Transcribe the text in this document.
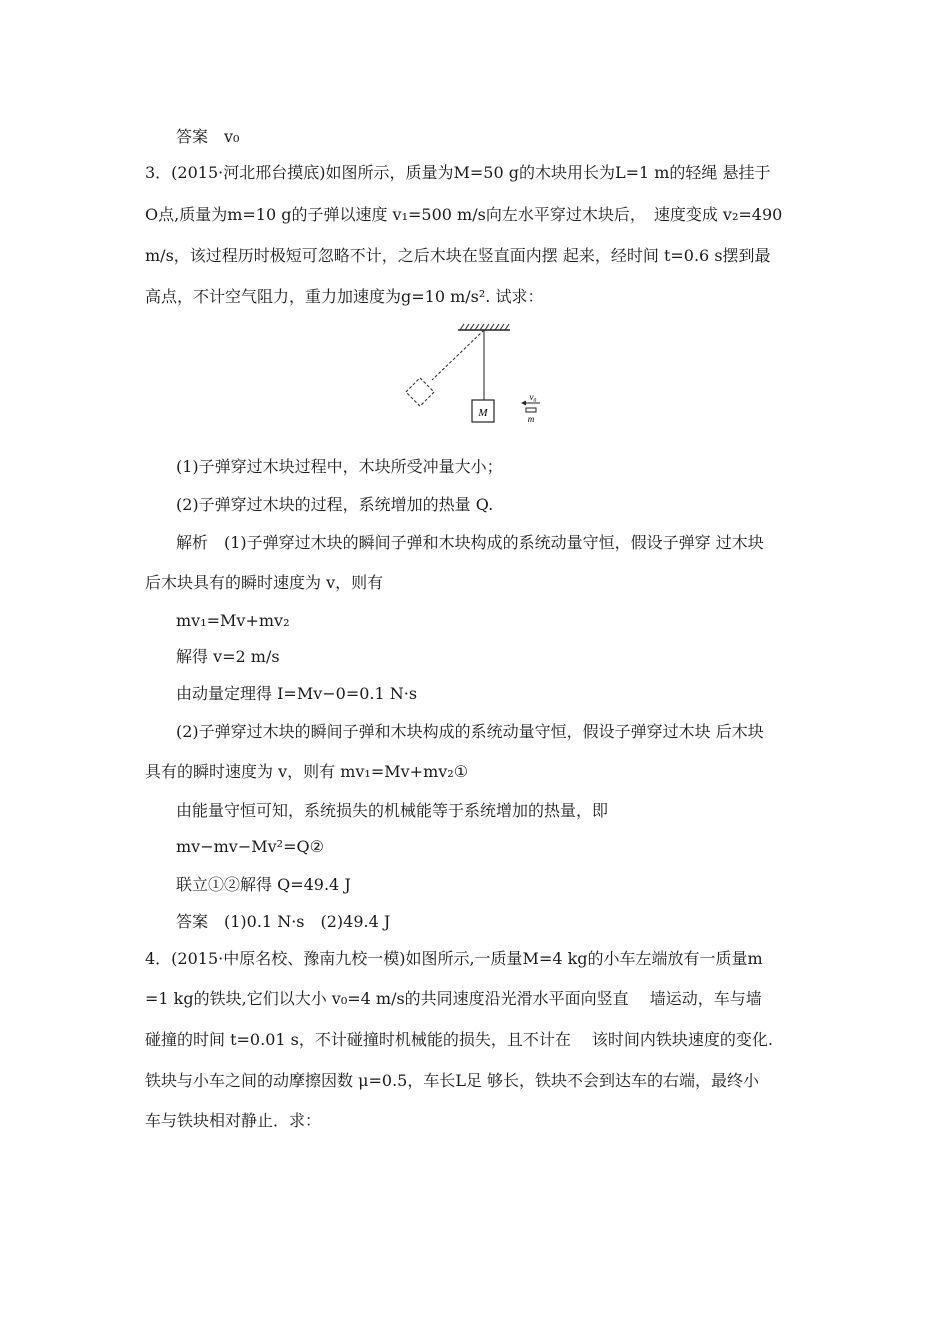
答案　v₀
3．(2015·河北邢台摸底)如图所示，质量为M=50 g的木块用长为L=1 m的轻绳 悬挂于
O点,质量为m=10 g的子弹以速度 v₁=500 m/s向左水平穿过木块后，　速度变成 v₂=490
m/s，该过程历时极短可忽略不计，之后木块在竖直面内摆 起来，经时间 t=0.6 s摆到最
高点，不计空气阻力，重力加速度为g=10 m/s². 试求：
M
v₀
m
(1)子弹穿过木块过程中，木块所受冲量大小；
(2)子弹穿过木块的过程，系统增加的热量 Q.
解析　(1)子弹穿过木块的瞬间子弹和木块构成的系统动量守恒，假设子弹穿 过木块
后木块具有的瞬时速度为 v，则有
mv₁=Mv+mv₂
解得 v=2 m/s
由动量定理得 I=Mv−0=0.1 N·s
(2)子弹穿过木块的瞬间子弹和木块构成的系统动量守恒，假设子弹穿过木块 后木块
具有的瞬时速度为 v，则有 mv₁=Mv+mv₂①
由能量守恒可知，系统损失的机械能等于系统增加的热量，即
mv−mv−Mv²=Q②
联立①②解得 Q=49.4 J
答案　(1)0.1 N·s　(2)49.4 J
4．(2015·中原名校、豫南九校一模)如图所示,一质量M=4 kg的小车左端放有一质量m
=1 kg的铁块,它们以大小 v₀=4 m/s的共同速度沿光滑水平面向竖直　 墙运动，车与墙
碰撞的时间 t=0.01 s，不计碰撞时机械能的损失，且不计在　 该时间内铁块速度的变化.
铁块与小车之间的动摩擦因数 μ=0.5，车长L足 够长，铁块不会到达车的右端，最终小
车与铁块相对静止．求：
